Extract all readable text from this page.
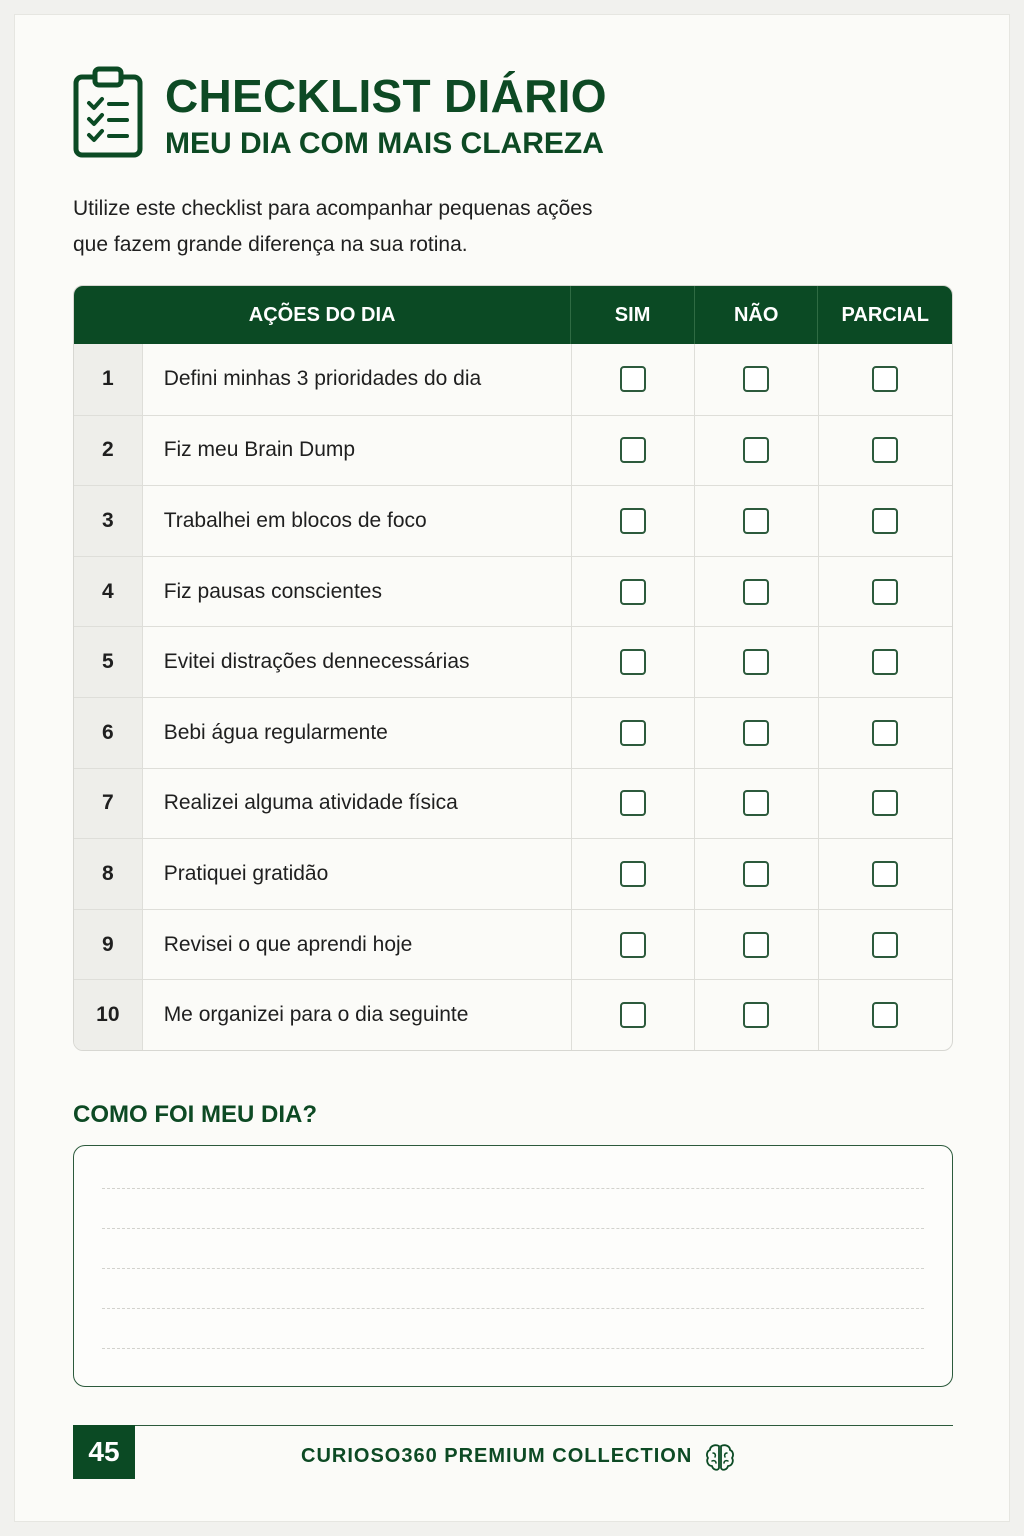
CHECKLIST DIÁRIO
MEU DIA COM MAIS CLAREZA

Utilize este checklist para acompanhar pequenas ações
que fazem grande diferença na sua rotina.

AÇÕES DO DIA	SIM	NÃO	PARCIAL
1	Defini minhas 3 prioridades do dia
2	Fiz meu Brain Dump
3	Trabalhei em blocos de foco
4	Fiz pausas conscientes
5	Evitei distrações dennecessárias
6	Bebi água regularmente
7	Realizei alguma atividade física
8	Pratiquei gratidão
9	Revisei o que aprendi hoje
10	Me organizei para o dia seguinte
COMO FOI MEU DIA?
45	CURIOSO360 PREMIUM COLLECTION
